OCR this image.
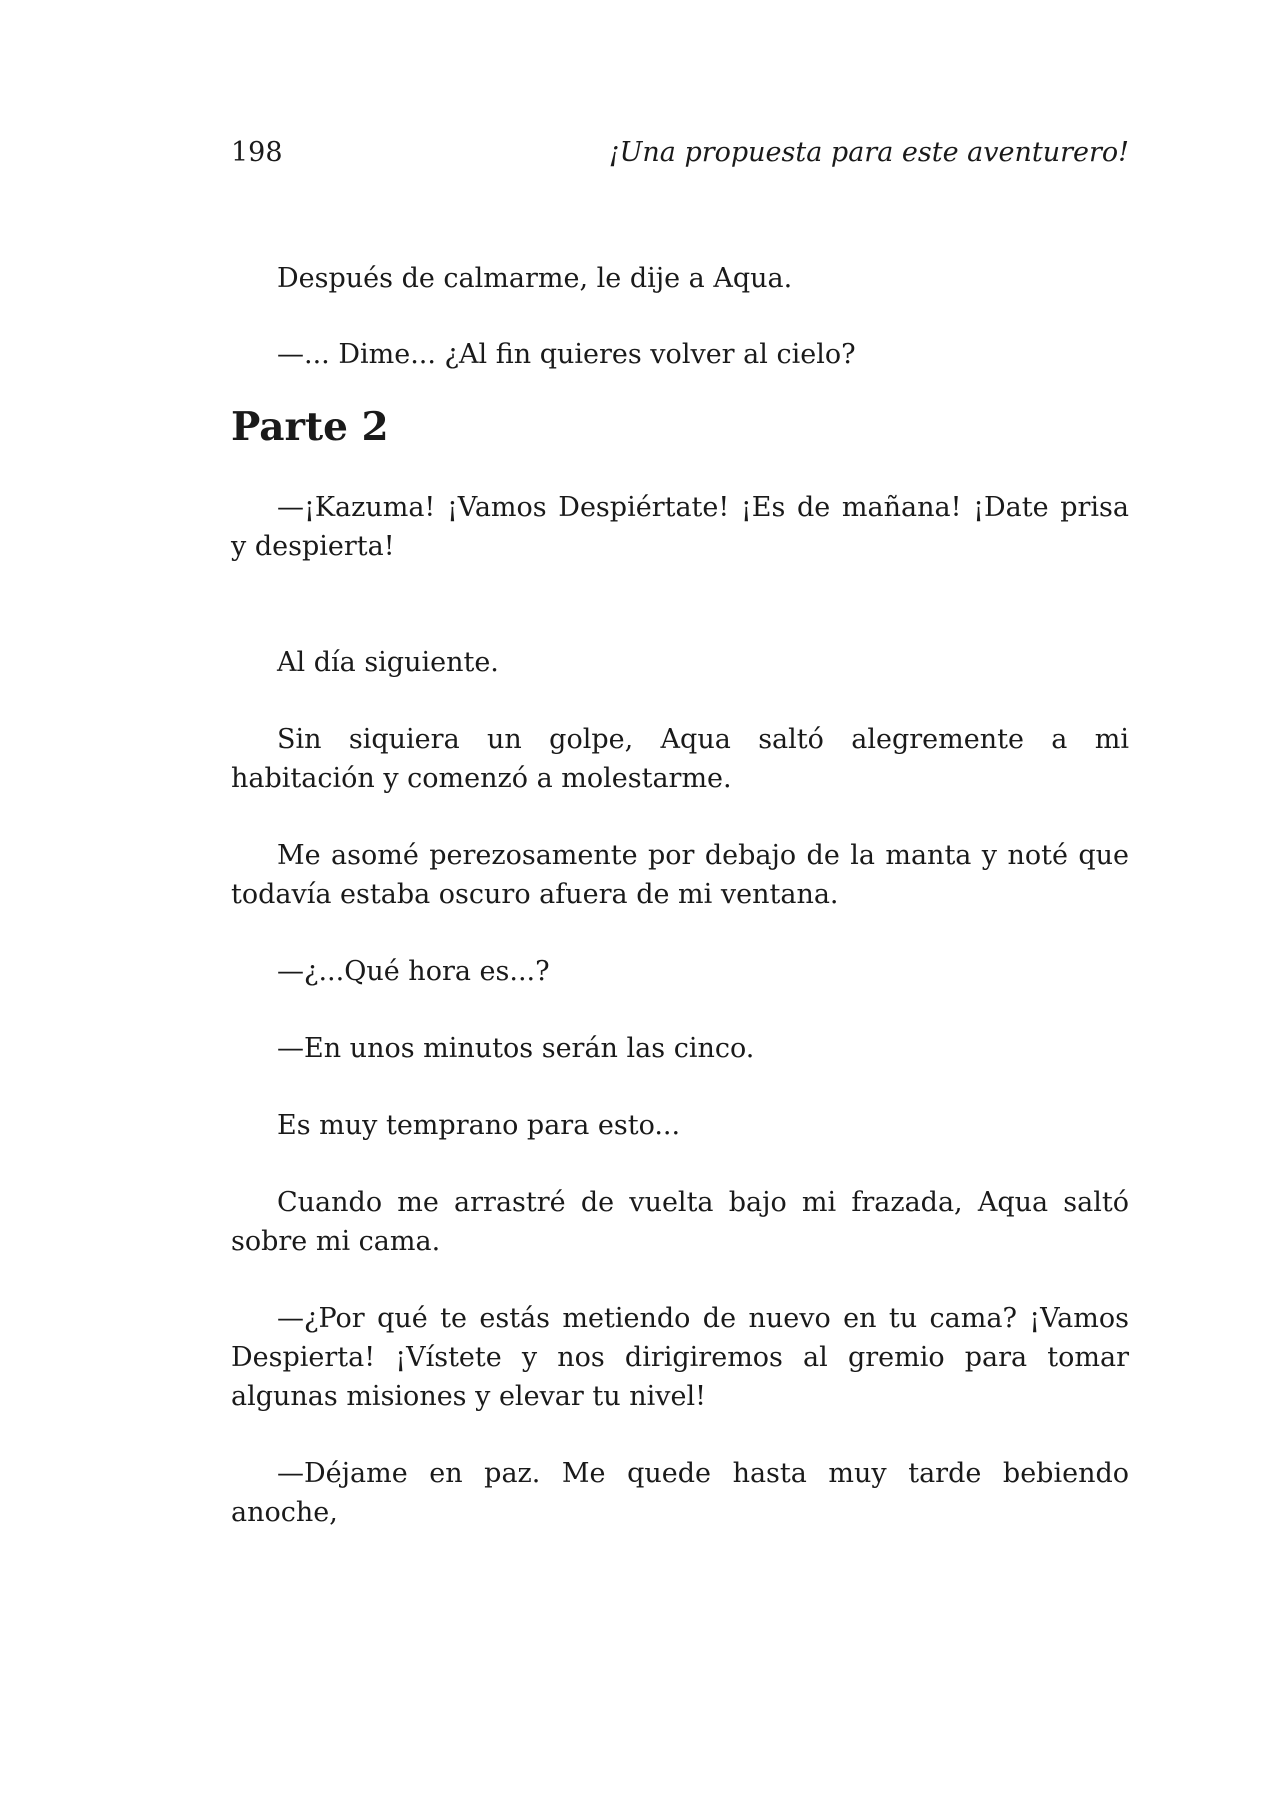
198	¡Una propuesta para este aventurero!

Después de calmarme, le dije a Aqua.

—... Dime... ¿Al fin quieres volver al cielo?

Parte 2

—¡Kazuma! ¡Vamos Despiértate! ¡Es de mañana! ¡Date prisa y despierta!

Al día siguiente.

Sin siquiera un golpe, Aqua saltó alegremente a mi habitación y comenzó a molestarme.

Me asomé perezosamente por debajo de la manta y noté que todavía estaba oscuro afuera de mi ventana.

—¿...Qué hora es...?

—En unos minutos serán las cinco.

Es muy temprano para esto...

Cuando me arrastré de vuelta bajo mi frazada, Aqua saltó sobre mi cama.

—¿Por qué te estás metiendo de nuevo en tu cama? ¡Vamos Despierta! ¡Vístete y nos dirigiremos al gremio para tomar algunas misiones y elevar tu nivel!

—Déjame en paz. Me quede hasta muy tarde bebiendo anoche,
